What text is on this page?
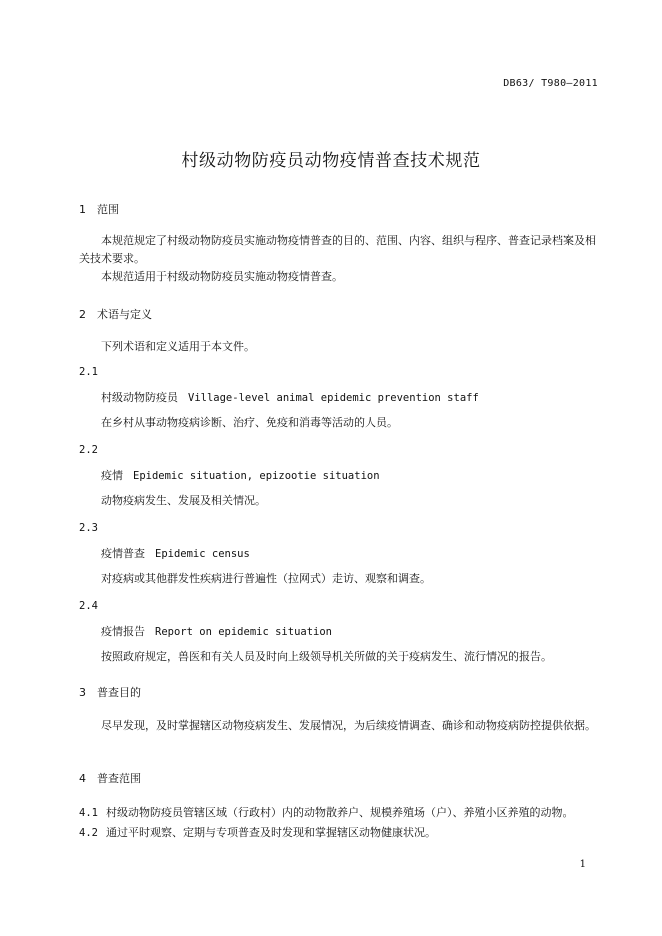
DB63/ T980—2011
村级动物防疫员动物疫情普查技术规范
1 范围
本规范规定了村级动物防疫员实施动物疫情普查的目的、范围、内容、组织与程序、普查记录档案及相关技术要求。
本规范适用于村级动物防疫员实施动物疫情普查。
2 术语与定义
下列术语和定义适用于本文件。
2.1
村级动物防疫员 Village-level animal epidemic prevention staff
在乡村从事动物疫病诊断、治疗、免疫和消毒等活动的人员。
2.2
疫情 Epidemic situation, epizootie situation
动物疫病发生、发展及相关情况。
2.3
疫情普查 Epidemic census
对疫病或其他群发性疾病进行普遍性（拉网式）走访、观察和调查。
2.4
疫情报告 Report on epidemic situation
按照政府规定，兽医和有关人员及时向上级领导机关所做的关于疫病发生、流行情况的报告。
3 普查目的
尽早发现，及时掌握辖区动物疫病发生、发展情况，为后续疫情调查、确诊和动物疫病防控提供依据。
4 普查范围
4.1 村级动物防疫员管辖区域（行政村）内的动物散养户、规模养殖场（户）、养殖小区养殖的动物。
4.2 通过平时观察、定期与专项普查及时发现和掌握辖区动物健康状况。
1
